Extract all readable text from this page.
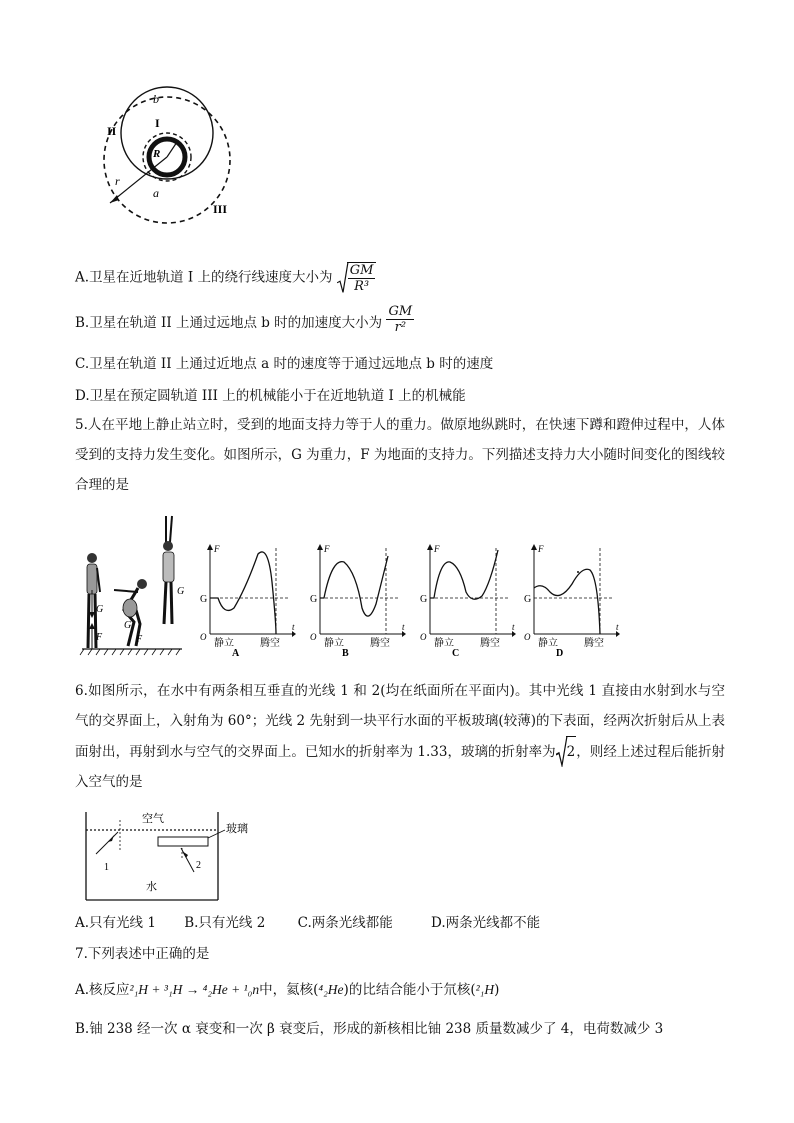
b
I
II
R
r
a
III
A.卫星在近地轨道 I 上的绕行线速度大小为 $\frac{GM}{\text{R³}}$
B.卫星在轨道 II 上通过远地点 b 时的加速度大小为 $\frac{GM}{\text{r²}}$
C.卫星在轨道 II 上通过近地点 a 时的速度等于通过远地点 b 时的速度
D.卫星在预定圆轨道 III 上的机械能小于在近地轨道 I 上的机械能
5.人在平地上静止站立时，受到的地面支持力等于人的重力。做原地纵跳时，在快速下蹲和蹬伸过程中，人体受到的支持力发生变化。如图所示，G 为重力，F 为地面的支持力。下列描述支持力大小随时间变化的图线较合理的是
G
F
G
F
G
F
G
O
t
静立	腾空
A
F
G
O
t
静立	腾空
B
F
G
O
t
静立	腾空
C
F
G
O
t
静立	腾空
D
6.如图所示，在水中有两条相互垂直的光线 1 和 2(均在纸面所在平面内)。其中光线 1 直接由水射到水与空气的交界面上，入射角为 60°；光线 2 先射到一块平行水面的平板玻璃(较薄)的下表面，经两次折射后从上表面射出，再射到水与空气的交界面上。已知水的折射率为 1.33，玻璃的折射率为 2，则经上述过程后能折射入空气的是
空气
玻璃
水
1	2
A.只有光线 1 B.只有光线 2 C.两条光线都能	D.两条光线都不能
7.下列表述中正确的是
A.核反应²₁H + ³₁H → ⁴₂He + ¹₀n中，氦核(⁴₂He)的比结合能小于氘核(²₁H)
B.铀 238 经一次 α 衰变和一次 β 衰变后，形成的新核相比铀 238 质量数减少了 4，电荷数减少 3
